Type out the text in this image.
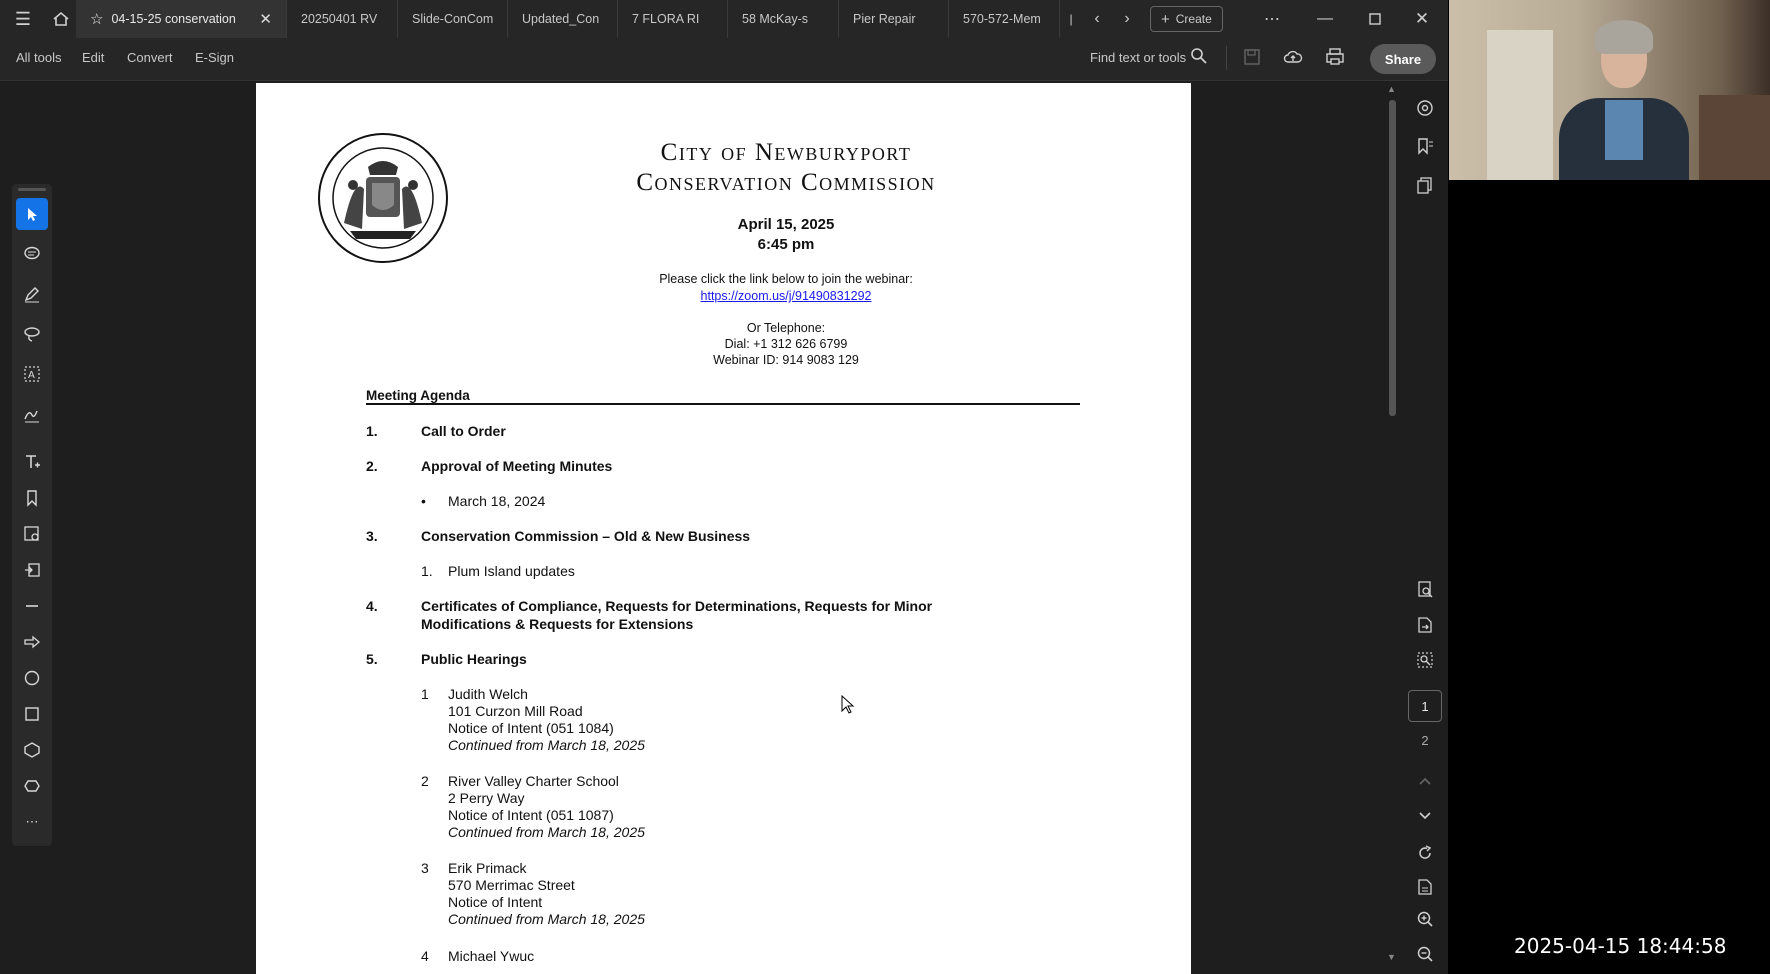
☰	☆ 04-15-25 conservation	✕ 20250401 RV	Slide-ConCom Updated_Con	7 FLORA RI	58 McKay-s	Pier Repair	570-572-Mem	|	‹	›	+ Create	⋯	—	✕
All tools Edit Convert E-Sign	Find text or tools	Share
A
⋯
City of Newburyport
Conservation Commission
April 15, 2025
6:45 pm
Please click the link below to join the webinar:
https://zoom.us/j/91490831292
Or Telephone:
Dial: +1 312 626 6799
Webinar ID: 914 9083 129
Meeting Agenda
1.	Call to Order
2.	Approval of Meeting Minutes
• March 18, 2024
3.	Conservation Commission – Old & New Business
1. Plum Island updates
4.	Certificates of Compliance, Requests for Determinations, Requests for Minor
Modifications & Requests for Extensions
5.	Public Hearings
1 Judith Welch
101 Curzon Mill Road
Notice of Intent (051 1084)
Continued from March 18, 2025
2 River Valley Charter School
2 Perry Way
Notice of Intent (051 1087)
Continued from March 18, 2025
3 Erik Primack
570 Merrimac Street
Notice of Intent
Continued from March 18, 2025
4 Michael Ywuc
▲
▼
1
2
2025-04-15 18:44:58
